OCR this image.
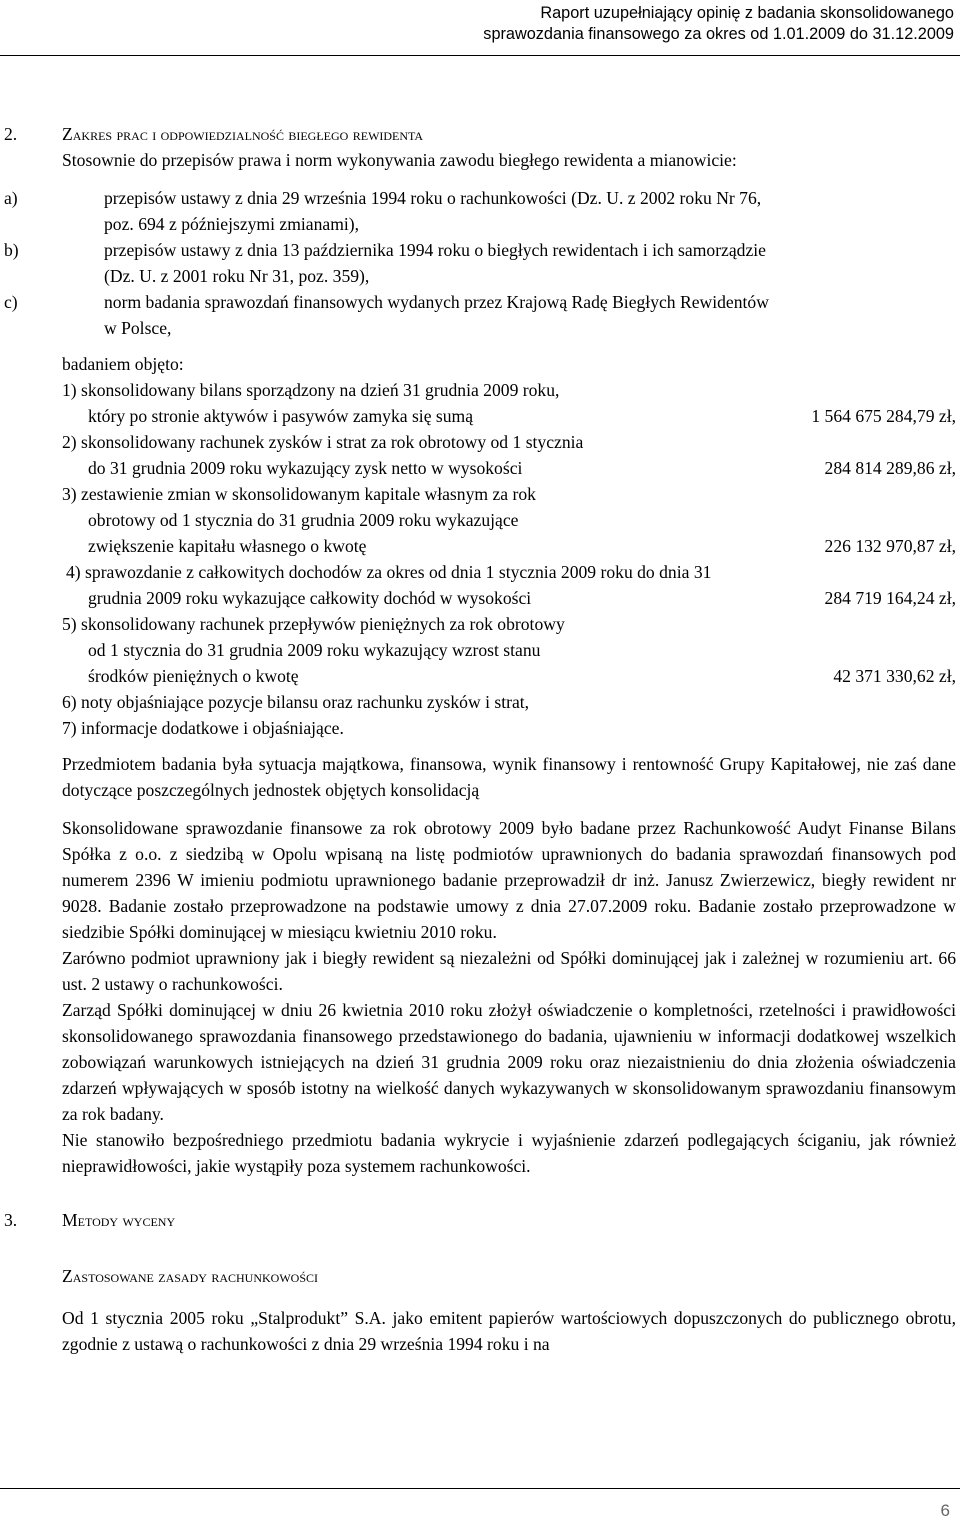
Raport uzupełniający opinię z badania skonsolidowanego
sprawozdania finansowego za okres od 1.01.2009 do 31.12.2009
2.	Zakres prac i odpowiedzialność biegłego rewidenta
Stosownie do przepisów prawa i norm wykonywania zawodu biegłego rewidenta a mianowicie:
a)	przepisów ustawy z dnia 29 września 1994 roku o rachunkowości (Dz. U. z 2002 roku Nr 76,
poz. 694 z późniejszymi zmianami),
b)	przepisów ustawy z dnia 13 października 1994 roku o biegłych rewidentach i ich samorządzie
(Dz. U. z 2001 roku Nr 31, poz. 359),
c)	norm badania sprawozdań finansowych wydanych przez Krajową Radę Biegłych Rewidentów
w Polsce,
badaniem objęto:
1) skonsolidowany bilans sporządzony na dzień 31 grudnia 2009 roku,
który po stronie aktywów i pasywów zamyka się sumą	1 564 675 284,79 zł,
2) skonsolidowany rachunek zysków i strat za rok obrotowy od 1 stycznia
do 31 grudnia 2009 roku wykazujący zysk netto w wysokości	284 814 289,86 zł,
3) zestawienie zmian w skonsolidowanym kapitale własnym za rok
obrotowy od 1 stycznia do 31 grudnia 2009 roku wykazujące
zwiększenie kapitału własnego o kwotę	226 132 970,87 zł,
4) sprawozdanie z całkowitych dochodów za okres od dnia 1 stycznia 2009 roku do dnia 31
grudnia 2009 roku wykazujące całkowity dochód w wysokości	284 719 164,24 zł,
5) skonsolidowany rachunek przepływów pieniężnych za rok obrotowy
od 1 stycznia do 31 grudnia 2009 roku wykazujący wzrost stanu
środków pieniężnych o kwotę	42 371 330,62 zł,
6) noty objaśniające pozycje bilansu oraz rachunku zysków i strat,
7) informacje dodatkowe i objaśniające.
Przedmiotem badania była sytuacja majątkowa, finansowa, wynik finansowy i rentowność Grupy Kapitałowej, nie zaś dane dotyczące poszczególnych jednostek objętych konsolidacją
Skonsolidowane sprawozdanie finansowe za rok obrotowy 2009 było badane przez Rachunkowość Audyt Finanse Bilans Spółka z o.o. z siedzibą w Opolu wpisaną na listę podmiotów uprawnionych do badania sprawozdań finansowych pod numerem 2396 W imieniu podmiotu uprawnionego badanie przeprowadził dr inż. Janusz Zwierzewicz, biegły rewident nr 9028. Badanie zostało przeprowadzone na podstawie umowy z dnia 27.07.2009 roku. Badanie zostało przeprowadzone w siedzibie Spółki dominującej w miesiącu kwietniu 2010 roku.
Zarówno podmiot uprawniony jak i biegły rewident są niezależni od Spółki dominującej jak i zależnej w rozumieniu art. 66 ust. 2 ustawy o rachunkowości.
Zarząd Spółki dominującej w dniu 26 kwietnia 2010 roku złożył oświadczenie o kompletności, rzetelności i prawidłowości skonsolidowanego sprawozdania finansowego przedstawionego do badania, ujawnieniu w informacji dodatkowej wszelkich zobowiązań warunkowych istniejących na dzień 31 grudnia 2009 roku oraz niezaistnieniu do dnia złożenia oświadczenia zdarzeń wpływających w sposób istotny na wielkość danych wykazywanych w skonsolidowanym sprawozdaniu finansowym za rok badany.
Nie stanowiło bezpośredniego przedmiotu badania wykrycie i wyjaśnienie zdarzeń podlegających ściganiu, jak również nieprawidłowości, jakie wystąpiły poza systemem rachunkowości.
3.	Metody wyceny
Zastosowane zasady rachunkowości
Od 1 stycznia 2005 roku „Stalprodukt” S.A. jako emitent papierów wartościowych dopuszczonych do publicznego obrotu, zgodnie z ustawą o rachunkowości z dnia 29 września 1994 roku i na
6
